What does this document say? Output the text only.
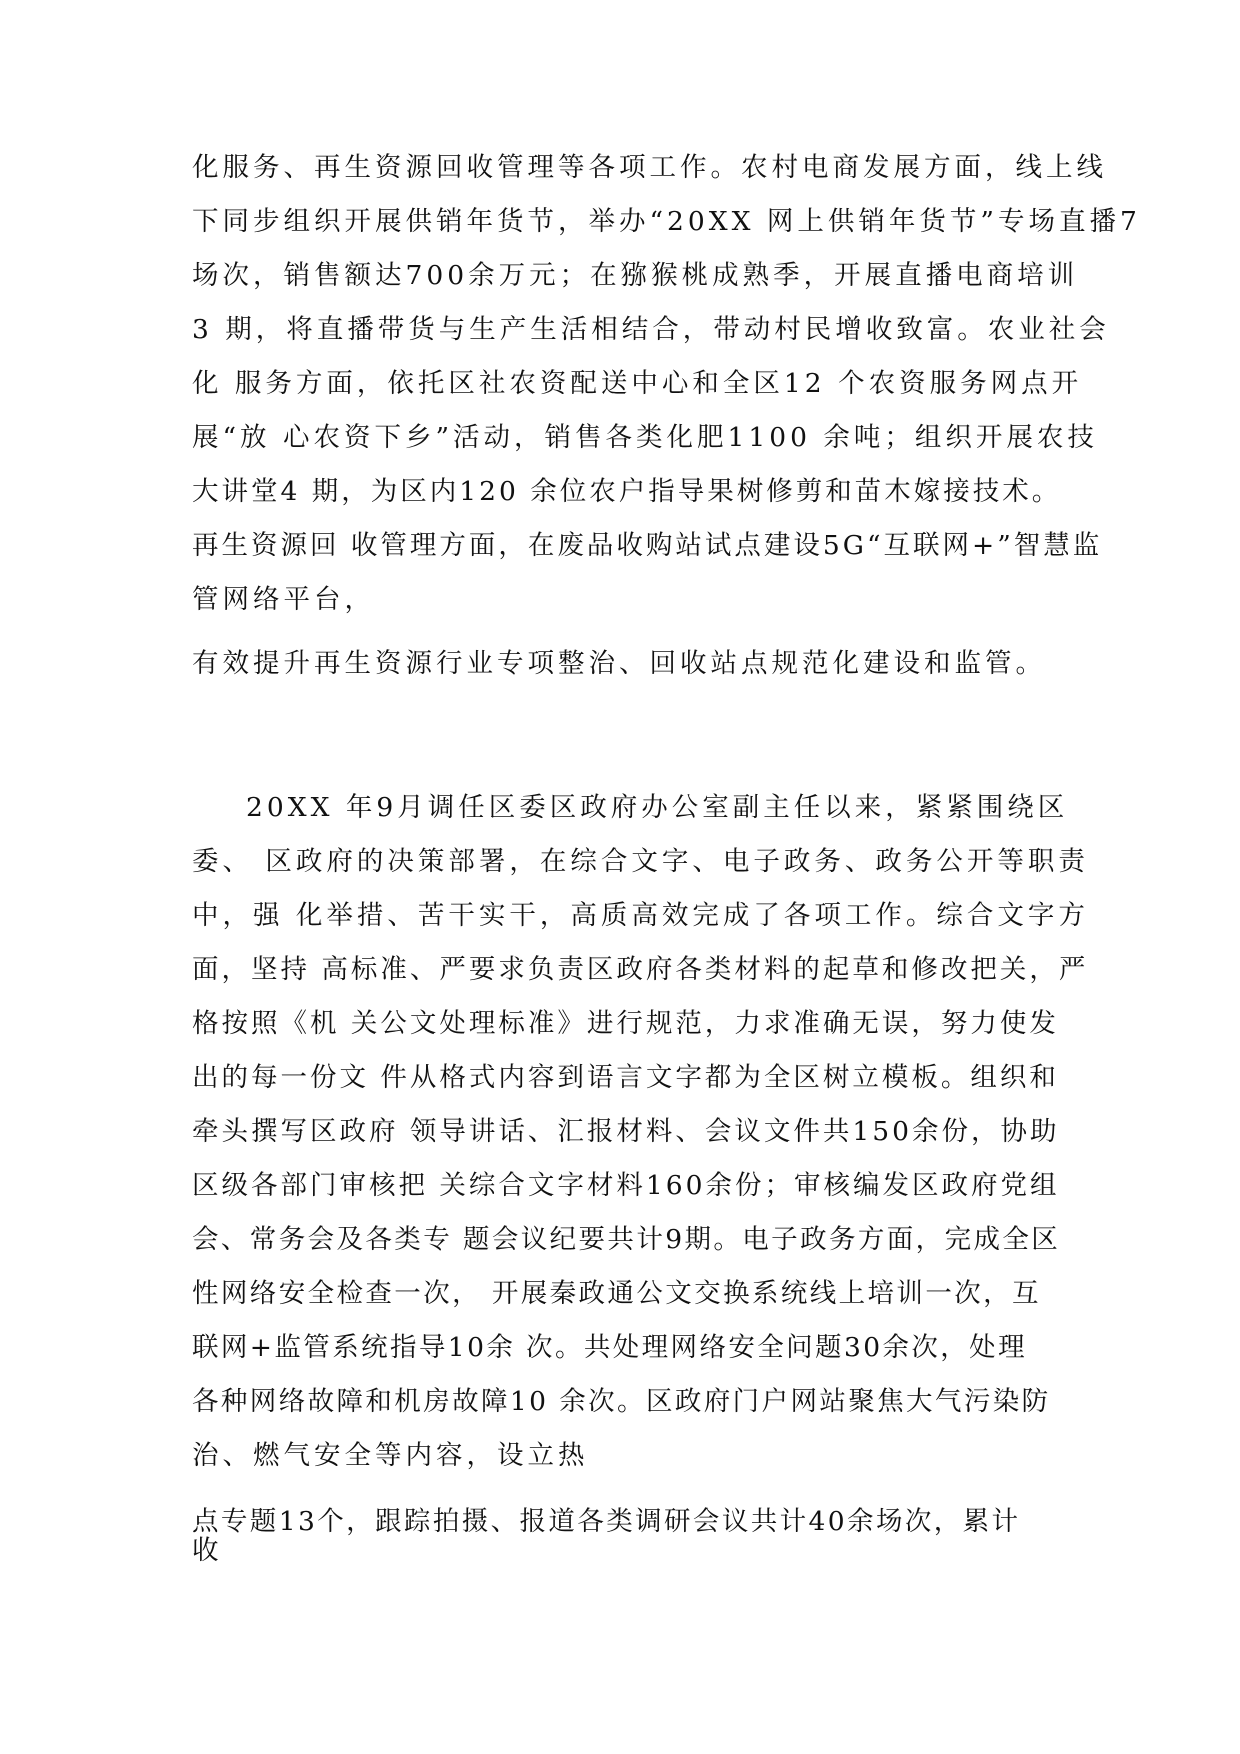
化服务、再生资源回收管理等各项工作。农村电商发展方面，线上线
下同步组织开展供销年货节，举办“20XX 网上供销年货节”专场直播7
场次，销售额达700余万元；在猕猴桃成熟季，开展直播电商培训
3 期，将直播带货与生产生活相结合，带动村民增收致富。农业社会
化 服务方面，依托区社农资配送中心和全区12 个农资服务网点开
展“放 心农资下乡”活动，销售各类化肥1100 余吨；组织开展农技
大讲堂4 期，为区内120 余位农户指导果树修剪和苗木嫁接技术。
再生资源回 收管理方面，在废品收购站试点建设5G“互联网+”智慧监
管网络平台，
有效提升再生资源行业专项整治、回收站点规范化建设和监管。
20XX 年9月调任区委区政府办公室副主任以来，紧紧围绕区
委、 区政府的决策部署，在综合文字、电子政务、政务公开等职责
中，强 化举措、苦干实干，高质高效完成了各项工作。综合文字方
面，坚持 高标准、严要求负责区政府各类材料的起草和修改把关，严
格按照《机 关公文处理标准》进行规范，力求准确无误，努力使发
出的每一份文 件从格式内容到语言文字都为全区树立模板。组织和
牵头撰写区政府 领导讲话、汇报材料、会议文件共150余份，协助
区级各部门审核把 关综合文字材料160余份；审核编发区政府党组
会、常务会及各类专 题会议纪要共计9期。电子政务方面，完成全区
性网络安全检查一次， 开展秦政通公文交换系统线上培训一次，互
联网+监管系统指导10余 次。共处理网络安全问题30余次，处理
各种网络故障和机房故障10 余次。区政府门户网站聚焦大气污染防
治、燃气安全等内容，设立热
点专题13个，跟踪拍摄、报道各类调研会议共计40余场次，累计
收
